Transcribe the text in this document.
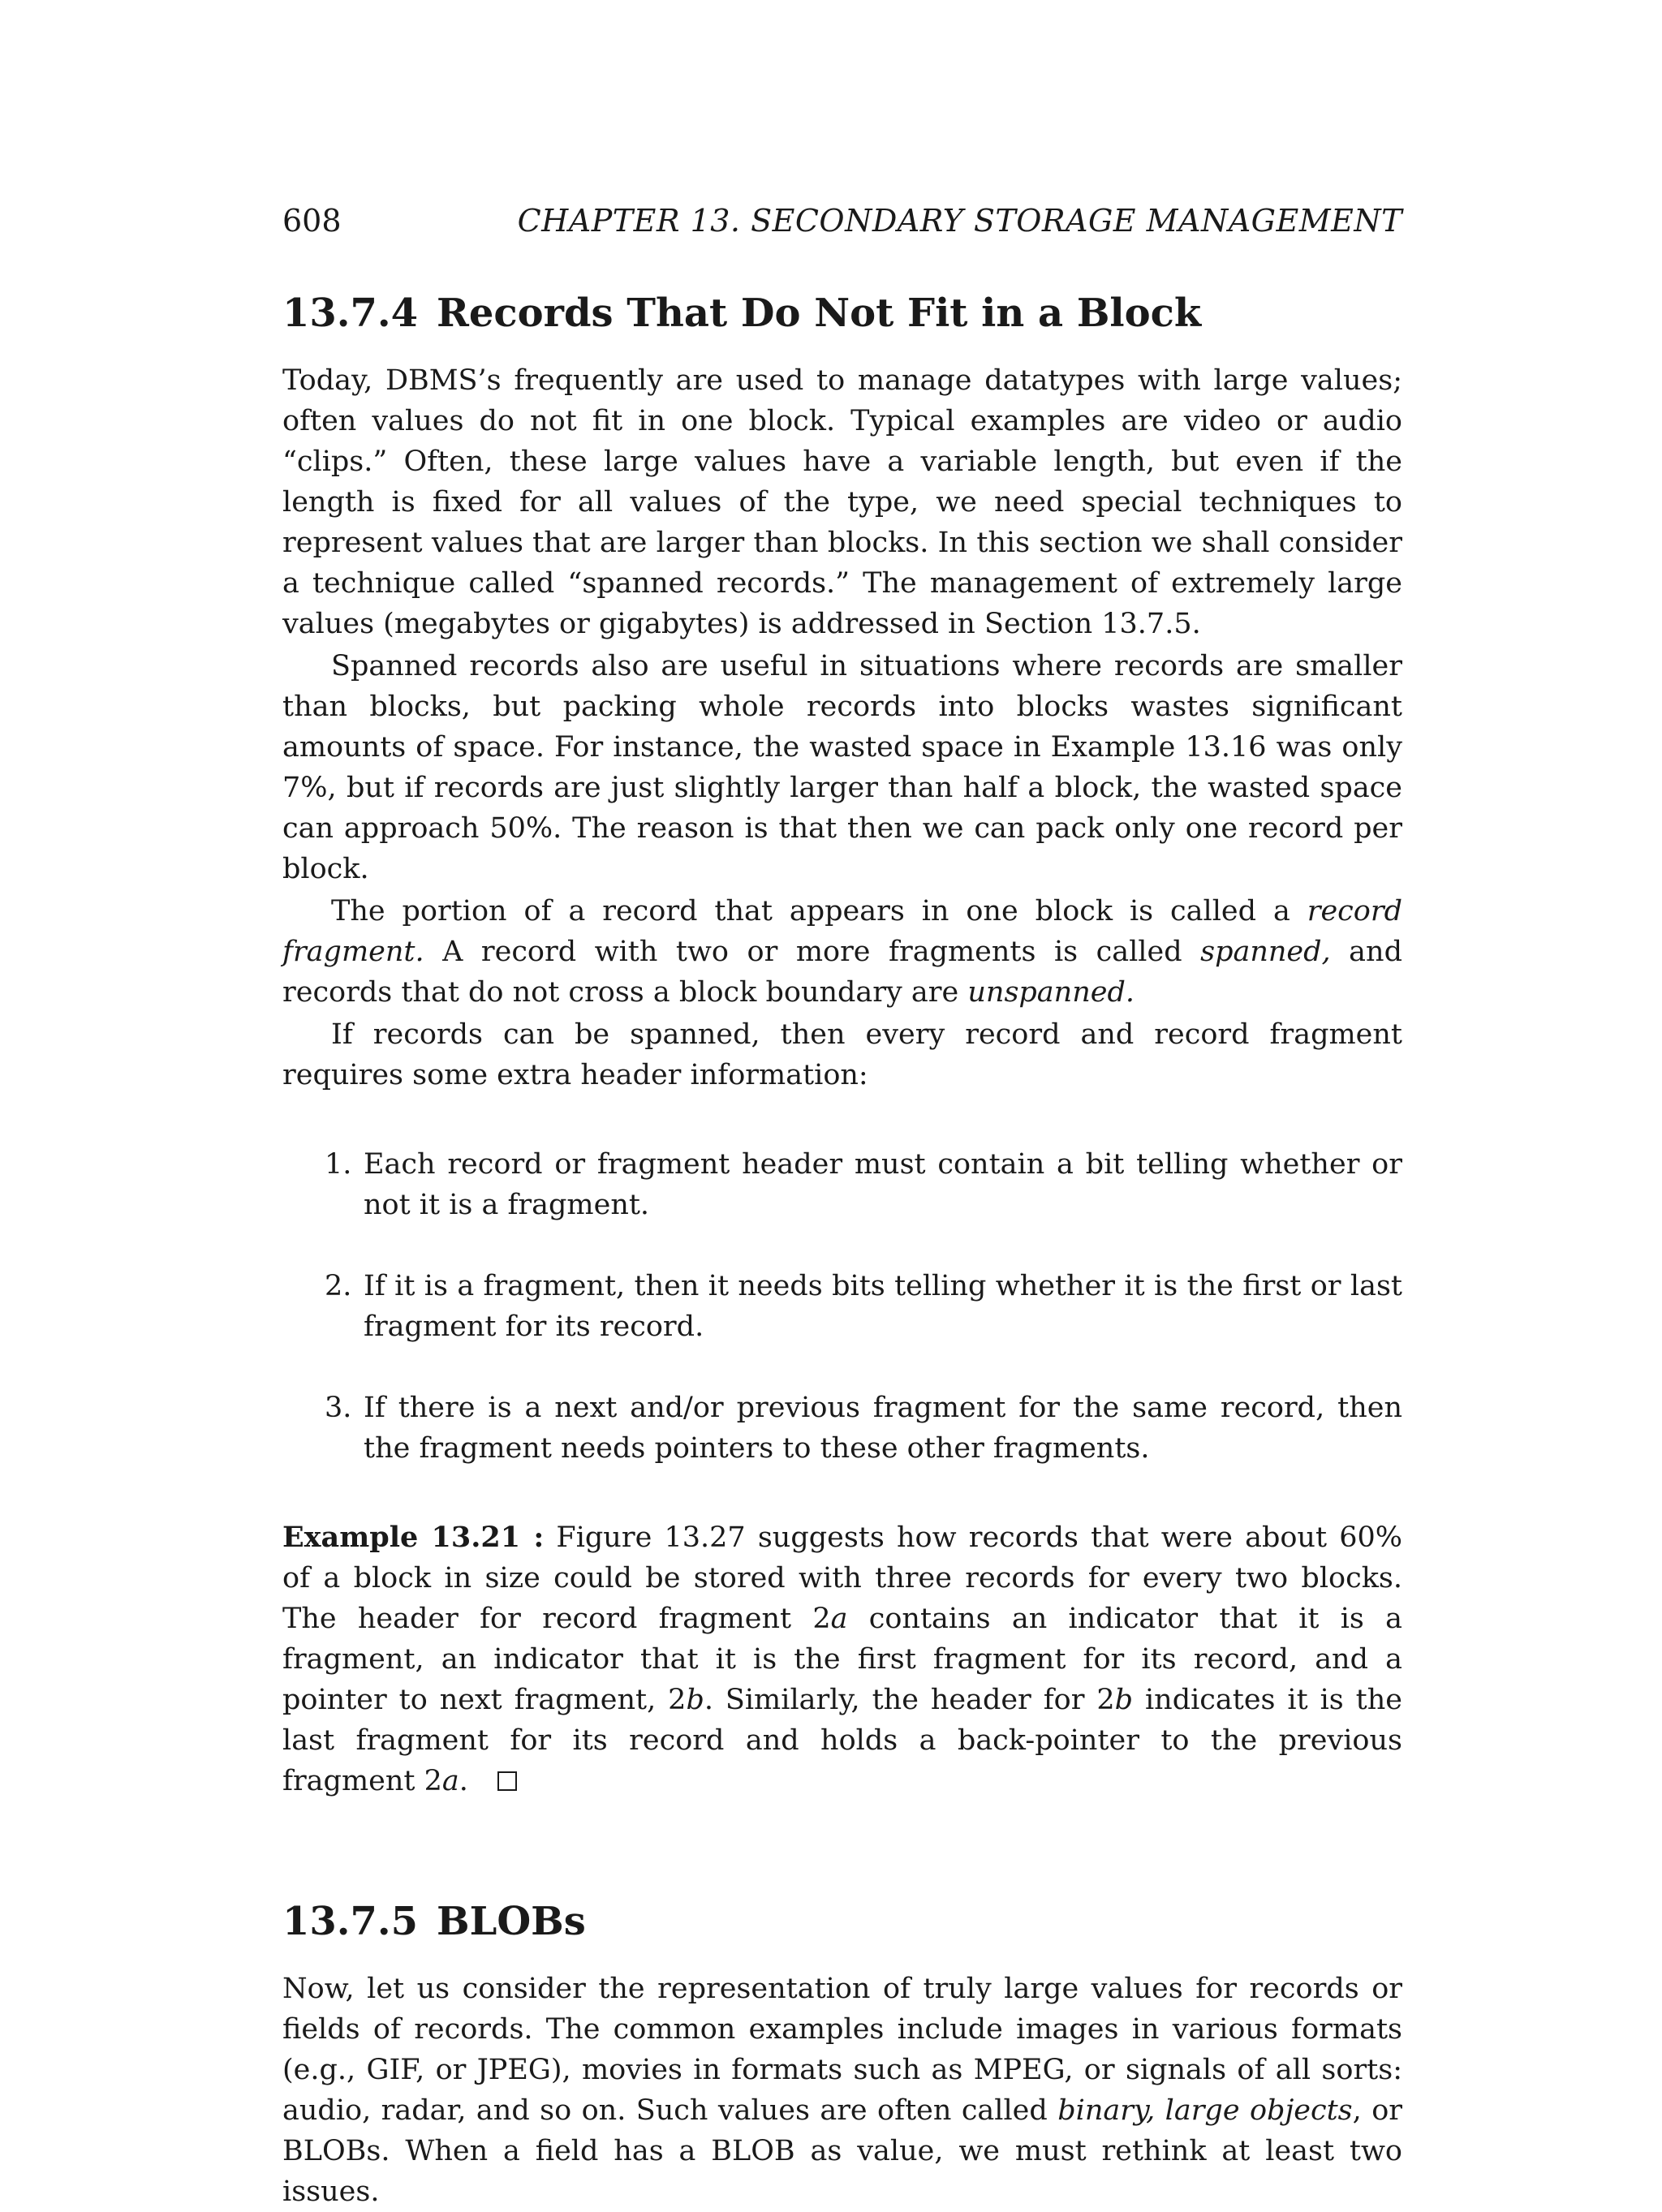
608	CHAPTER 13. SECONDARY STORAGE MANAGEMENT
13.7.4 Records That Do Not Fit in a Block

Today, DBMS’s frequently are used to manage datatypes with large values; often values do not fit in one block. Typical examples are video or audio “clips.” Often, these large values have a variable length, but even if the length is fixed for all values of the type, we need special techniques to represent values that are larger than blocks. In this section we shall consider a technique called “spanned records.” The management of extremely large values (megabytes or gigabytes) is addressed in Section 13.7.5.

Spanned records also are useful in situations where records are smaller than blocks, but packing whole records into blocks wastes significant amounts of space. For instance, the wasted space in Example 13.16 was only 7%, but if records are just slightly larger than half a block, the wasted space can approach 50%. The reason is that then we can pack only one record per block.

The portion of a record that appears in one block is called a record fragment. A record with two or more fragments is called spanned, and records that do not cross a block boundary are unspanned.

If records can be spanned, then every record and record fragment requires some extra header information:

1. Each record or fragment header must contain a bit telling whether or not it is a fragment.
2. If it is a fragment, then it needs bits telling whether it is the first or last fragment for its record.
3. If there is a next and/or previous fragment for the same record, then the fragment needs pointers to these other fragments.

Example 13.21 : Figure 13.27 suggests how records that were about 60% of a block in size could be stored with three records for every two blocks. The header for record fragment 2a contains an indicator that it is a fragment, an indicator that it is the first fragment for its record, and a pointer to next fragment, 2b. Similarly, the header for 2b indicates it is the last fragment for its record and holds a back-pointer to the previous fragment 2a.

13.7.5 BLOBs

Now, let us consider the representation of truly large values for records or fields of records. The common examples include images in various formats (e.g., GIF, or JPEG), movies in formats such as MPEG, or signals of all sorts: audio, radar, and so on. Such values are often called binary, large objects, or BLOBs. When a field has a BLOB as value, we must rethink at least two issues.
